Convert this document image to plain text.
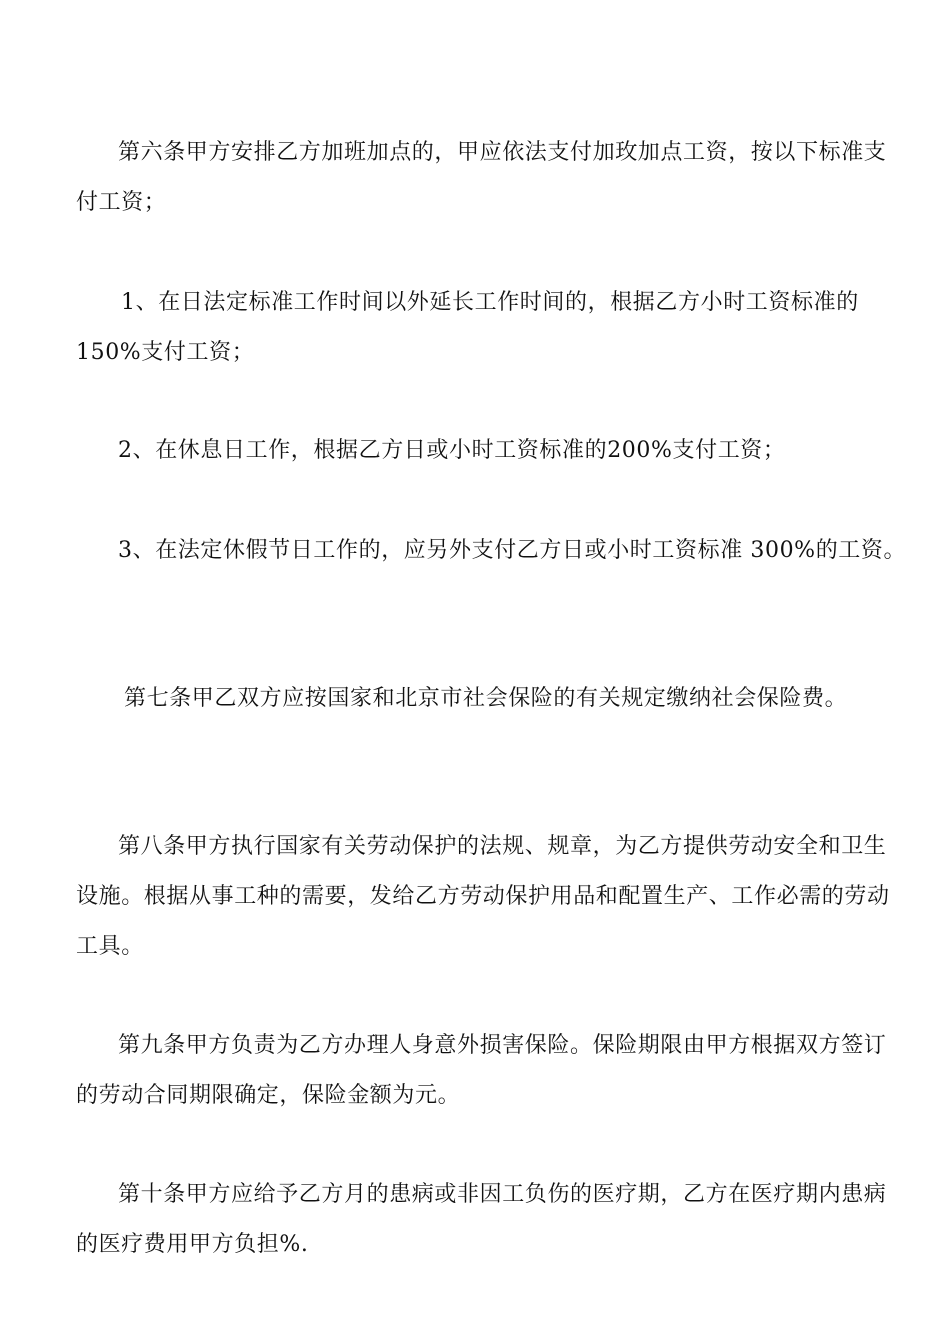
第六条甲方安排乙方加班加点的，甲应依法支付加玫加点工资，按以下标准支
付工资；
1、在日法定标准工作时间以外延长工作时间的，根据乙方小时工资标准的
150%支付工资；
2、在休息日工作，根据乙方日或小时工资标准的200%支付工资；
3、在法定休假节日工作的，应另外支付乙方日或小时工资标准 300%的工资。
第七条甲乙双方应按国家和北京市社会保险的有关规定缴纳社会保险费。
第八条甲方执行国家有关劳动保护的法规、规章，为乙方提供劳动安全和卫生
设施。根据从事工种的需要，发给乙方劳动保护用品和配置生产、工作必需的劳动
工具。
第九条甲方负责为乙方办理人身意外损害保险。保险期限由甲方根据双方签订
的劳动合同期限确定，保险金额为元。
第十条甲方应给予乙方月的患病或非因工负伤的医疗期，乙方在医疗期内患病
的医疗费用甲方负担%.
